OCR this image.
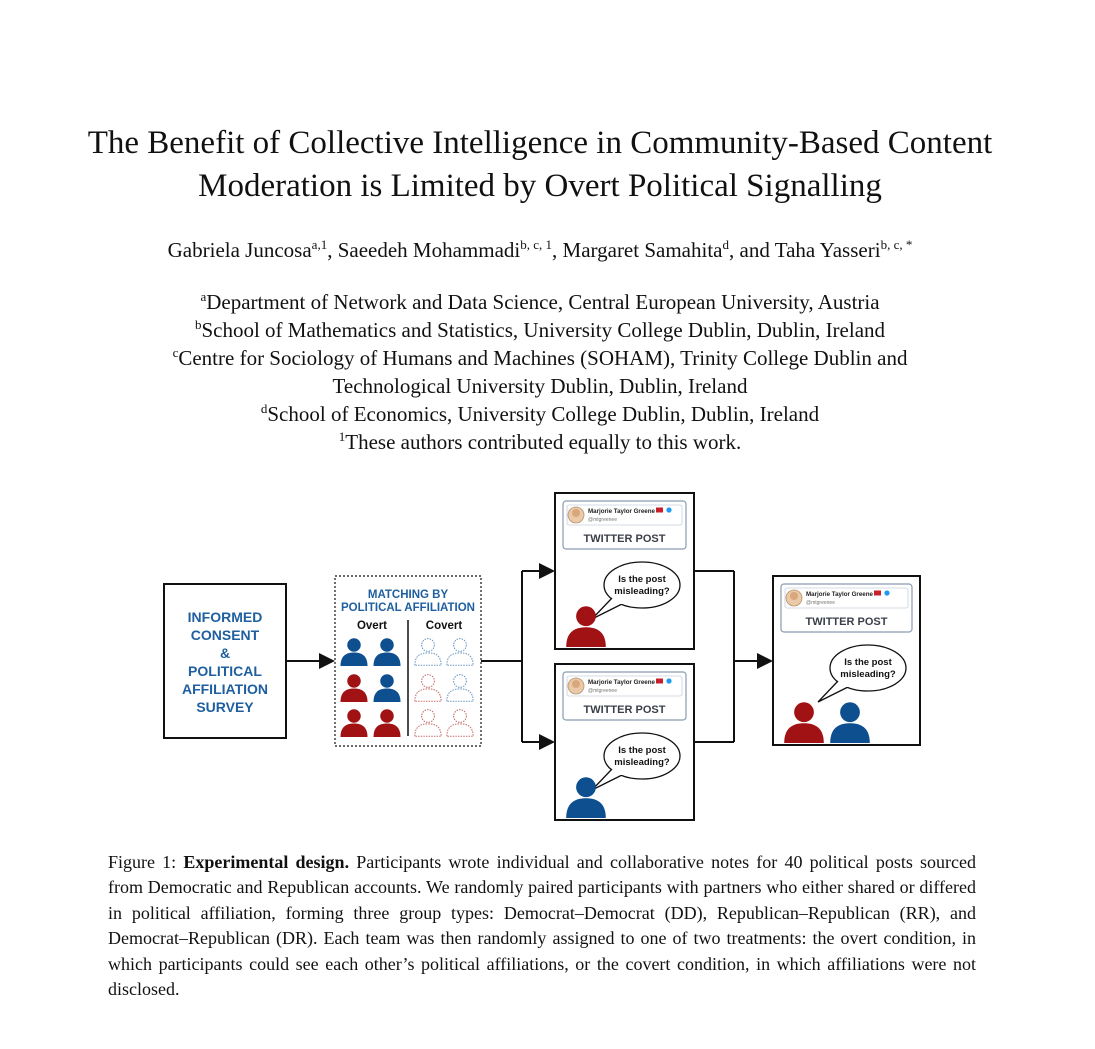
The Benefit of Collective Intelligence in Community-Based Content
Moderation is Limited by Overt Political Signalling
Gabriela Juncosa$^{a,1}$, Saeedeh Mohammadi$^{b, c, 1}$, Margaret Samahita$^d$, and Taha Yasseri$^{b, c, *}$
$^a$Department of Network and Data Science, Central European University, Austria
$^b$School of Mathematics and Statistics, University College Dublin, Dublin, Ireland
$^c$Centre for Sociology of Humans and Machines (SOHAM), Trinity College Dublin and
Technological University Dublin, Dublin, Ireland
$^d$School of Economics, University College Dublin, Dublin, Ireland
$^1$These authors contributed equally to this work.
INFORMED CONSENT & POLITICAL AFFILIATION SURVEY
MATCHING BY
POLITICAL AFFILIATION
Overt	Covert
Marjorie Taylor Greene
@mtgreenee
TWITTER POST
Is the post
misleading?
Marjorie Taylor Greene
@mtgreenee
TWITTER POST
Is the post
misleading?
Marjorie Taylor Greene
@mtgreenee
TWITTER POST
Is the post
misleading?
Figure 1: Experimental design. Participants wrote individual and collaborative notes for 40 political posts sourced from Democratic and Republican accounts. We randomly paired participants with partners who either shared or differed in political affiliation, forming three group types: Democrat–Democrat (DD), Republican–Republican (RR), and Democrat–Republican (DR). Each team was then randomly assigned to one of two treatments: the overt condition, in which participants could see each other’s political affiliations, or the covert condition, in which affiliations were not disclosed.
